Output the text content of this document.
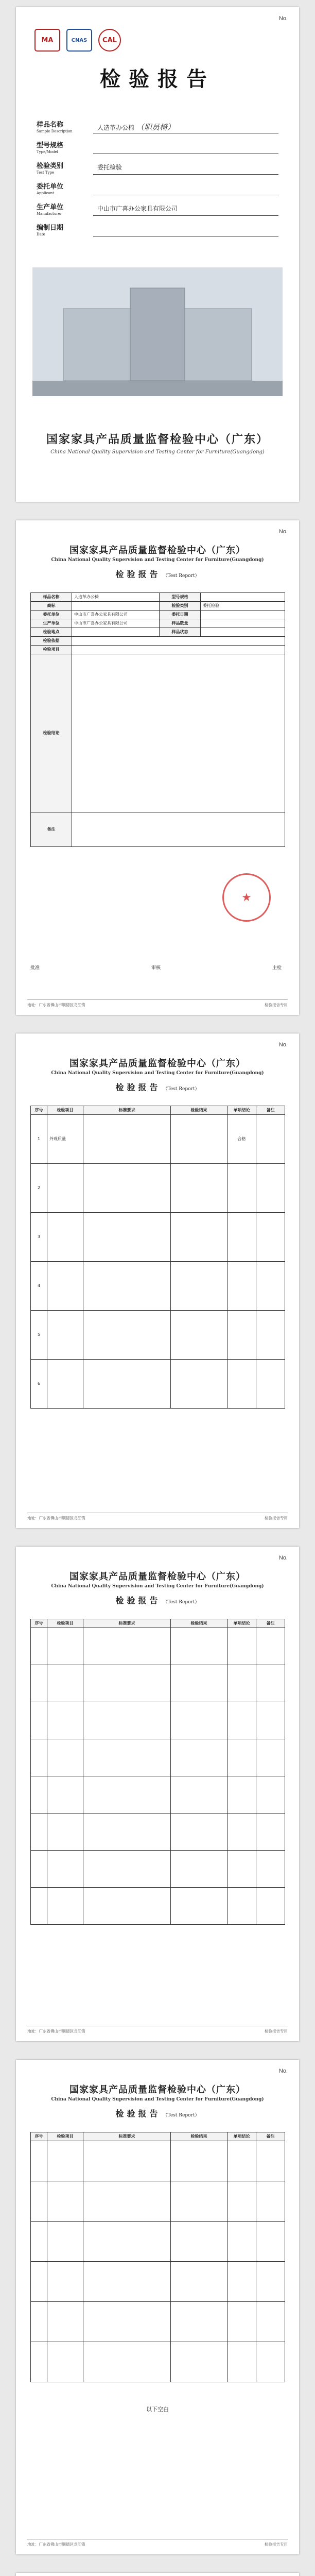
No.
MA	CNAS	CAL
检验报告
样品名称
Sample Description	人造革办公椅 （职员椅）
型号规格
Type/Model
检验类别
Test Type
委托检验
委托单位
Applicant
生产单位
Manufacturer
中山市广喜办公家具有限公司
编制日期
Date
国家家具产品质量监督检验中心（广东）
China National Quality Supervision and Testing Center for Furniture(Guangdong)
No.
国家家具产品质量监督检验中心（广东）
China National Quality Supervision and Testing Center for Furniture(Guangdong)
检验报告 （Test Report）
样品名称	人造革办公椅	型号规格	
商标		检验类别	委托检验
委托单位	中山市广喜办公家具有限公司	委托日期	
生产单位	中山市广喜办公家具有限公司	样品数量	
检验地点		样品状态	
检验依据			
检验项目			
检验结论			
备注			
★
批准	审核	主检
地址：广东省佛山市顺德区龙江镇	检验报告专用
No.
国家家具产品质量监督检验中心（广东）
China National Quality Supervision and Testing Center for Furniture(Guangdong)
检验报告 （Test Report）
序号	检验项目	标准要求	检验结果	单项结论	备注
1	外观质量			合格	
2					
3					
4					
5					
6					
地址：广东省佛山市顺德区龙江镇	检验报告专用
No.
国家家具产品质量监督检验中心（广东）
China National Quality Supervision and Testing Center for Furniture(Guangdong)
检验报告 （Test Report）
序号	检验项目	标准要求	检验结果	单项结论	备注

地址：广东省佛山市顺德区龙江镇	检验报告专用
No.
国家家具产品质量监督检验中心（广东）
China National Quality Supervision and Testing Center for Furniture(Guangdong)
检验报告 （Test Report）
序号	检验项目	标准要求	检验结果	单项结论	备注

以下空白
地址：广东省佛山市顺德区龙江镇	检验报告专用
